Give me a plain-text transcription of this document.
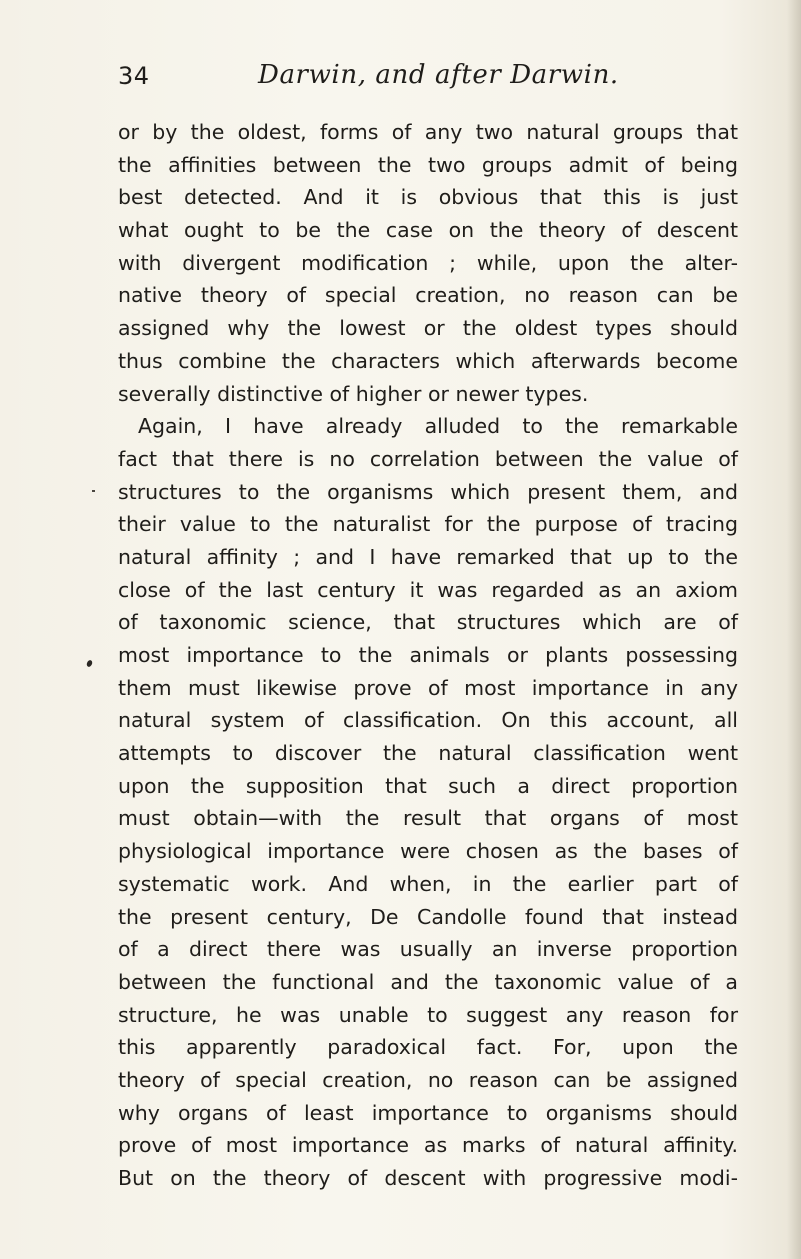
34	Darwin, and after Darwin.
or by the oldest, forms of any two natural groups that
the affinities between the two groups admit of being
best detected. And it is obvious that this is just
what ought to be the case on the theory of descent
with divergent modification ; while, upon the alter-
native theory of special creation, no reason can be
assigned why the lowest or the oldest types should
thus combine the characters which afterwards become
severally distinctive of higher or newer types.
Again, I have already alluded to the remarkable
fact that there is no correlation between the value of
structures to the organisms which present them, and
their value to the naturalist for the purpose of tracing
natural affinity ; and I have remarked that up to the
close of the last century it was regarded as an axiom
of taxonomic science, that structures which are of
most importance to the animals or plants possessing
them must likewise prove of most importance in any
natural system of classification. On this account, all
attempts to discover the natural classification went
upon the supposition that such a direct proportion
must obtain—with the result that organs of most
physiological importance were chosen as the bases of
systematic work. And when, in the earlier part of
the present century, De Candolle found that instead
of a direct there was usually an inverse proportion
between the functional and the taxonomic value of a
structure, he was unable to suggest any reason for
this apparently paradoxical fact. For, upon the
theory of special creation, no reason can be assigned
why organs of least importance to organisms should
prove of most importance as marks of natural affinity.
But on the theory of descent with progressive modi-
